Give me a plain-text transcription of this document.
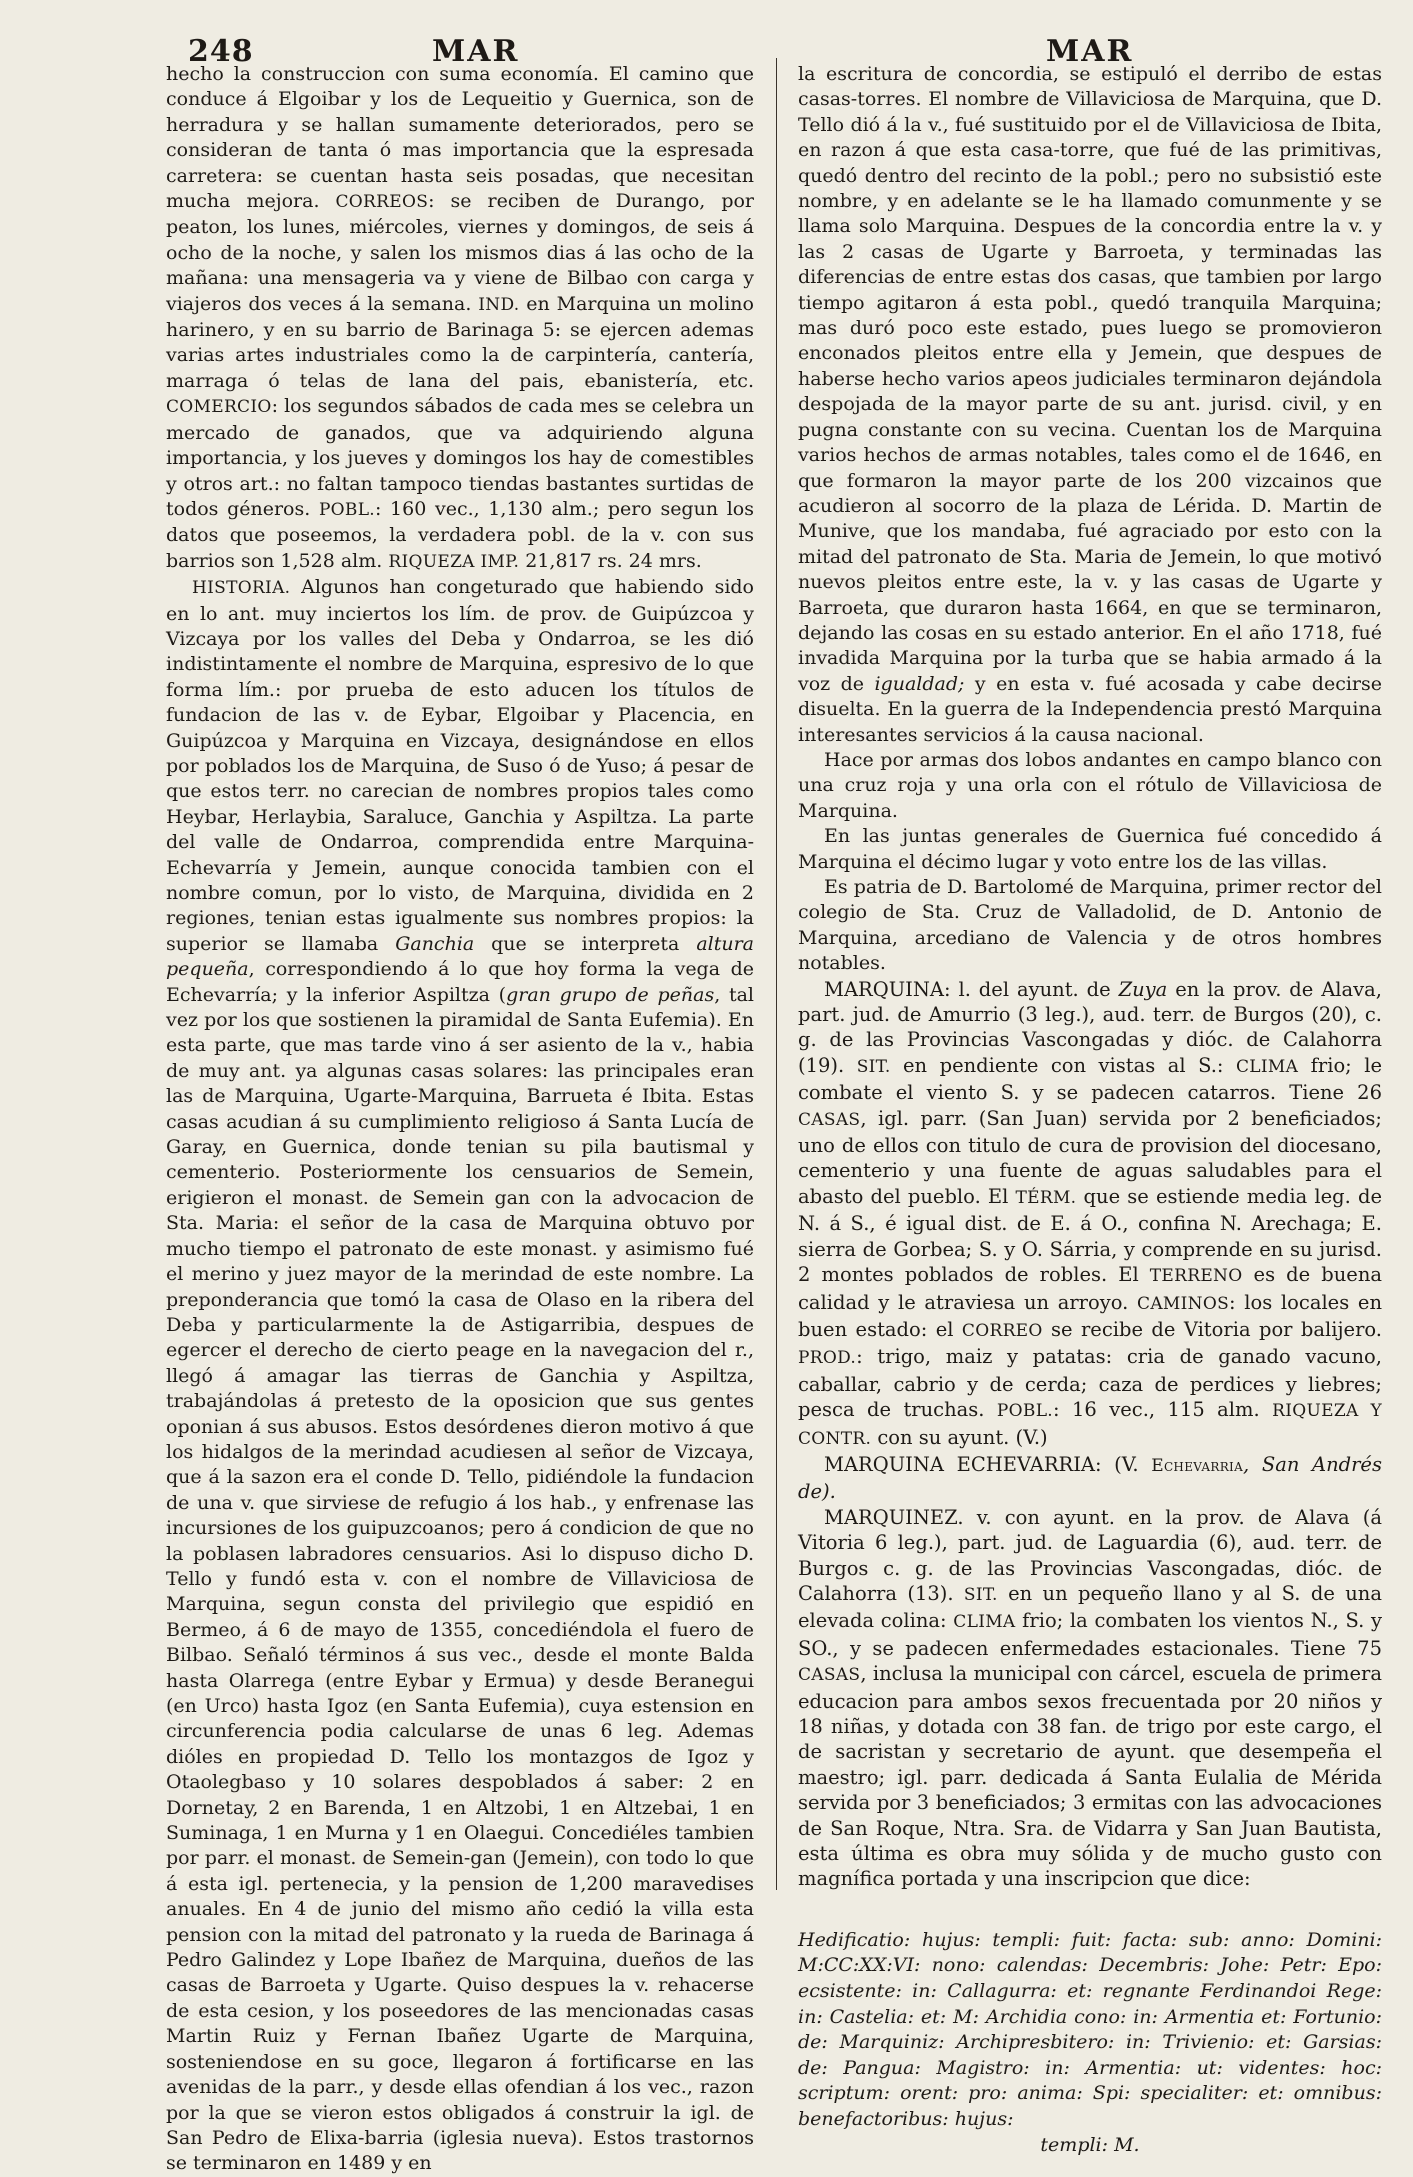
248	MAR	MAR

hecho la construccion con suma economía. El camino que conduce á Elgoibar y los de Lequeitio y Guernica, son de herradura y se hallan sumamente deteriorados, pero se consideran de tanta ó mas importancia que la espresada carretera: se cuentan hasta seis posadas, que necesitan mucha mejora. CORREOS: se reciben de Durango, por peaton, los lunes, miércoles, viernes y domingos, de seis á ocho de la noche, y salen los mismos dias á las ocho de la mañana: una mensageria va y viene de Bilbao con carga y viajeros dos veces á la semana. IND. en Marquina un molino harinero, y en su barrio de Barinaga 5: se ejercen ademas varias artes industriales como la de carpintería, cantería, marraga ó telas de lana del pais, ebanistería, etc. COMERCIO: los segundos sábados de cada mes se celebra un mercado de ganados, que va adquiriendo alguna importancia, y los jueves y domingos los hay de comestibles y otros art.: no faltan tampoco tiendas bastantes surtidas de todos géneros. POBL.: 160 vec., 1,130 alm.; pero segun los datos que poseemos, la verdadera pobl. de la v. con sus barrios son 1,528 alm. RIQUEZA IMP. 21,817 rs. 24 mrs.

HISTORIA. Algunos han congeturado que habiendo sido en lo ant. muy inciertos los lím. de prov. de Guipúzcoa y Vizcaya por los valles del Deba y Ondarroa, se les dió indistintamente el nombre de Marquina, espresivo de lo que forma lím.: por prueba de esto aducen los títulos de fundacion de las v. de Eybar, Elgoibar y Placencia, en Guipúzcoa y Marquina en Vizcaya, designándose en ellos por poblados los de Marquina, de Suso ó de Yuso; á pesar de que estos terr. no carecian de nombres propios tales como Heybar, Herlaybia, Saraluce, Ganchia y Aspiltza. La parte del valle de Ondarroa, comprendida entre Marquina-Echevarría y Jemein, aunque conocida tambien con el nombre comun, por lo visto, de Marquina, dividida en 2 regiones, tenian estas igualmente sus nombres propios: la superior se llamaba Ganchia que se interpreta altura pequeña, correspondiendo á lo que hoy forma la vega de Echevarría; y la inferior Aspiltza (gran grupo de peñas, tal vez por los que sostienen la piramidal de Santa Eufemia). En esta parte, que mas tarde vino á ser asiento de la v., habia de muy ant. ya algunas casas solares: las principales eran las de Marquina, Ugarte-Marquina, Barrueta é Ibita. Estas casas acudian á su cumplimiento religioso á Santa Lucía de Garay, en Guernica, donde tenian su pila bautismal y cementerio. Posteriormente los censuarios de Semein, erigieron el monast. de Semein gan con la advocacion de Sta. Maria: el señor de la casa de Marquina obtuvo por mucho tiempo el patronato de este monast. y asimismo fué el merino y juez mayor de la merindad de este nombre. La preponderancia que tomó la casa de Olaso en la ribera del Deba y particularmente la de Astigarribia, despues de egercer el derecho de cierto peage en la navegacion del r., llegó á amagar las tierras de Ganchia y Aspiltza, trabajándolas á pretesto de la oposicion que sus gentes oponian á sus abusos. Estos desórdenes dieron motivo á que los hidalgos de la merindad acudiesen al señor de Vizcaya, que á la sazon era el conde D. Tello, pidiéndole la fundacion de una v. que sirviese de refugio á los hab., y enfrenase las incursiones de los guipuzcoanos; pero á condicion de que no la poblasen labradores censuarios. Asi lo dispuso dicho D. Tello y fundó esta v. con el nombre de Villaviciosa de Marquina, segun consta del privilegio que espidió en Bermeo, á 6 de mayo de 1355, concediéndola el fuero de Bilbao. Señaló términos á sus vec., desde el monte Balda hasta Olarrega (entre Eybar y Ermua) y desde Beranegui (en Urco) hasta Igoz (en Santa Eufemia), cuya estension en circunferencia podia calcularse de unas 6 leg. Ademas dióles en propiedad D. Tello los montazgos de Igoz y Otaolegbaso y 10 solares despoblados á saber: 2 en Dornetay, 2 en Barenda, 1 en Altzobi, 1 en Altzebai, 1 en Suminaga, 1 en Murna y 1 en Olaegui. Concediéles tambien por parr. el monast. de Semein-gan (Jemein), con todo lo que á esta igl. pertenecia, y la pension de 1,200 maravedises anuales. En 4 de junio del mismo año cedió la villa esta pension con la mitad del patronato y la rueda de Barinaga á Pedro Galindez y Lope Ibañez de Marquina, dueños de las casas de Barroeta y Ugarte. Quiso despues la v. rehacerse de esta cesion, y los poseedores de las mencionadas casas Martin Ruiz y Fernan Ibañez Ugarte de Marquina, sosteniendose en su goce, llegaron á fortificarse en las avenidas de la parr., y desde ellas ofendian á los vec., razon por la que se vieron estos obligados á construir la igl. de San Pedro de Elixa-barria (iglesia nueva). Estos trastornos se terminaron en 1489 y en

la escritura de concordia, se estipuló el derribo de estas casas-torres. El nombre de Villaviciosa de Marquina, que D. Tello dió á la v., fué sustituido por el de Villaviciosa de Ibita, en razon á que esta casa-torre, que fué de las primitivas, quedó dentro del recinto de la pobl.; pero no subsistió este nombre, y en adelante se le ha llamado comunmente y se llama solo Marquina. Despues de la concordia entre la v. y las 2 casas de Ugarte y Barroeta, y terminadas las diferencias de entre estas dos casas, que tambien por largo tiempo agitaron á esta pobl., quedó tranquila Marquina; mas duró poco este estado, pues luego se promovieron enconados pleitos entre ella y Jemein, que despues de haberse hecho varios apeos judiciales terminaron dejándola despojada de la mayor parte de su ant. jurisd. civil, y en pugna constante con su vecina. Cuentan los de Marquina varios hechos de armas notables, tales como el de 1646, en que formaron la mayor parte de los 200 vizcainos que acudieron al socorro de la plaza de Lérida. D. Martin de Munive, que los mandaba, fué agraciado por esto con la mitad del patronato de Sta. Maria de Jemein, lo que motivó nuevos pleitos entre este, la v. y las casas de Ugarte y Barroeta, que duraron hasta 1664, en que se terminaron, dejando las cosas en su estado anterior. En el año 1718, fué invadida Marquina por la turba que se habia armado á la voz de igualdad; y en esta v. fué acosada y cabe decirse disuelta. En la guerra de la Independencia prestó Marquina interesantes servicios á la causa nacional.

Hace por armas dos lobos andantes en campo blanco con una cruz roja y una orla con el rótulo de Villaviciosa de Marquina.

En las juntas generales de Guernica fué concedido á Marquina el décimo lugar y voto entre los de las villas.

Es patria de D. Bartolomé de Marquina, primer rector del colegio de Sta. Cruz de Valladolid, de D. Antonio de Marquina, arcediano de Valencia y de otros hombres notables.

MARQUINA: l. del ayunt. de Zuya en la prov. de Alava, part. jud. de Amurrio (3 leg.), aud. terr. de Burgos (20), c. g. de las Provincias Vascongadas y dióc. de Calahorra (19). SIT. en pendiente con vistas al S.: CLIMA frio; le combate el viento S. y se padecen catarros. Tiene 26 CASAS, igl. parr. (San Juan) servida por 2 beneficiados; uno de ellos con titulo de cura de provision del diocesano, cementerio y una fuente de aguas saludables para el abasto del pueblo. El TÉRM. que se estiende media leg. de N. á S., é igual dist. de E. á O., confina N. Arechaga; E. sierra de Gorbea; S. y O. Sárria, y comprende en su jurisd. 2 montes poblados de robles. El TERRENO es de buena calidad y le atraviesa un arroyo. CAMINOS: los locales en buen estado: el CORREO se recibe de Vitoria por balijero. PROD.: trigo, maiz y patatas: cria de ganado vacuno, caballar, cabrio y de cerda; caza de perdices y liebres; pesca de truchas. POBL.: 16 vec., 115 alm. RIQUEZA Y CONTR. con su ayunt. (V.)

MARQUINA ECHEVARRIA: (V. Echevarria, San Andrés de).

MARQUINEZ. v. con ayunt. en la prov. de Alava (á Vitoria 6 leg.), part. jud. de Laguardia (6), aud. terr. de Burgos c. g. de las Provincias Vascongadas, dióc. de Calahorra (13). SIT. en un pequeño llano y al S. de una elevada colina: CLIMA frio; la combaten los vientos N., S. y SO., y se padecen enfermedades estacionales. Tiene 75 CASAS, inclusa la municipal con cárcel, escuela de primera educacion para ambos sexos frecuentada por 20 niños y 18 niñas, y dotada con 38 fan. de trigo por este cargo, el de sacristan y secretario de ayunt. que desempeña el maestro; igl. parr. dedicada á Santa Eulalia de Mérida servida por 3 beneficiados; 3 ermitas con las advocaciones de San Roque, Ntra. Sra. de Vidarra y San Juan Bautista, esta última es obra muy sólida y de mucho gusto con magnífica portada y una inscripcion que dice:

Hedificatio: hujus: templi: fuit: facta: sub: anno: Domini: M:CC:XX:VI: nono: calendas: Decembris: Johe: Petr: Epo: ecsistente: in: Callagurra: et: regnante Ferdinandoi Rege: in: Castelia: et: M: Archidia cono: in: Armentia et: Fortunio: de: Marquiniz: Archipresbitero: in: Trivienio: et: Garsias: de: Pangua: Magistro: in: Armentia: ut: videntes: hoc: scriptum: orent: pro: anima: Spi: specialiter: et: omnibus: benefactoribus: hujus:
templi: M.
